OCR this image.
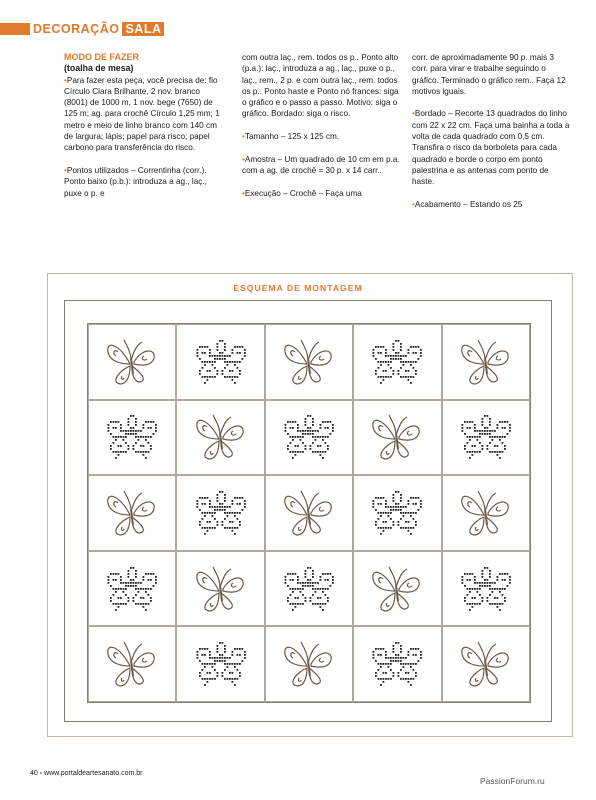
DECORAÇÃO SALA

MODO DE FAZER

(toalha de mesa)

• Para fazer esta peça, você precisa de: fio Círculo Clara Brilhante, 2 nov. branco (8001) de 1000 m, 1 nov. bege (7650) de 125 m; ag. para crochê Círculo 1,25 mm; 1 metro e meio de linho branco com 140 cm de largura; lápis; papel para risco; papel carbono para transferência do risco.

• Pontos utilizados – Correntinha (corr.). Ponto baixo (p.b.): introduza a ag., laç., puxe o p. e

com outra laç., rem. todos os p.. Ponto alto (p.a.): laç., introduza a ag., laç., puxe o p., laç., rem., 2 p. e com outra laç., rem. todos os p.. Ponto haste e Ponto nó frances: siga o gráfico e o passo a passo. Motivo: siga o gráfico. Bordado: siga o risco.

• Tamanho – 125 x 125 cm.

• Amostra – Um quadrado de 10 cm em p.a. com a ag. de crochê = 30 p. x 14 carr..

• Execução – Crochê – Faça uma

corr. de aproximadamente 90 p. mais 3 corr. para virar e trabalhe seguindo o gráfico. Terminado o gráfico rem.. Faça 12 motivos iguais.

• Bordado – Recorte 13 quadrados do linho com 22 x 22 cm. Faça uma bainha a toda a volta de cada quadrado com 0,5 cm. Transfira o risco da borboleta para cada quadrado e borde o corpo em ponto palestrina e as antenas com ponto de haste.

• Acabamento – Estando os 25

ESQUEMA DE MONTAGEM
40 - www.portaldeartesanato.com.br
PassionForum.ru
